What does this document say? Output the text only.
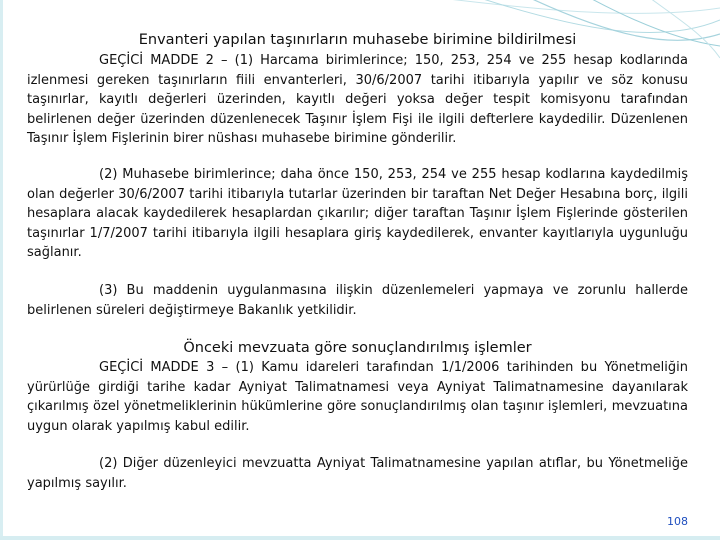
Envanteri yapılan taşınırların muhasebe birimine bildirilmesi
GEÇİCİ MADDE 2 – (1) Harcama birimlerince; 150, 253, 254 ve 255 hesap kodlarında izlenmesi gereken taşınırların fiili envanterleri, 30/6/2007 tarihi itibarıyla yapılır ve söz konusu taşınırlar, kayıtlı değerleri üzerinden, kayıtlı değeri yoksa değer tespit komisyonu tarafından belirlenen değer üzerinden düzenlenecek Taşınır İşlem Fişi ile ilgili defterlere kaydedilir. Düzenlenen Taşınır İşlem Fişlerinin birer nüshası muhasebe birimine gönderilir.
(2) Muhasebe birimlerince; daha önce 150, 253, 254 ve 255 hesap kodlarına kaydedilmiş olan değerler 30/6/2007 tarihi itibarıyla tutarlar üzerinden bir taraftan Net Değer Hesabına borç, ilgili hesaplara alacak kaydedilerek hesaplardan çıkarılır; diğer taraftan Taşınır İşlem Fişlerinde gösterilen taşınırlar 1/7/2007 tarihi itibarıyla ilgili hesaplara giriş kaydedilerek, envanter kayıtlarıyla uygunluğu sağlanır.
(3) Bu maddenin uygulanmasına ilişkin düzenlemeleri yapmaya ve zorunlu hallerde belirlenen süreleri değiştirmeye Bakanlık yetkilidir.
Önceki mevzuata göre sonuçlandırılmış işlemler
GEÇİCİ MADDE 3 – (1) Kamu idareleri tarafından 1/1/2006 tarihinden bu Yönetmeliğin yürürlüğe girdiği tarihe kadar Ayniyat Talimatnamesi veya Ayniyat Talimatnamesine dayanılarak çıkarılmış özel yönetmeliklerinin hükümlerine göre sonuçlandırılmış olan taşınır işlemleri, mevzuatına uygun olarak yapılmış kabul edilir.
(2) Diğer düzenleyici mevzuatta Ayniyat Talimatnamesine yapılan atıflar, bu Yönetmeliğe yapılmış sayılır.
108
